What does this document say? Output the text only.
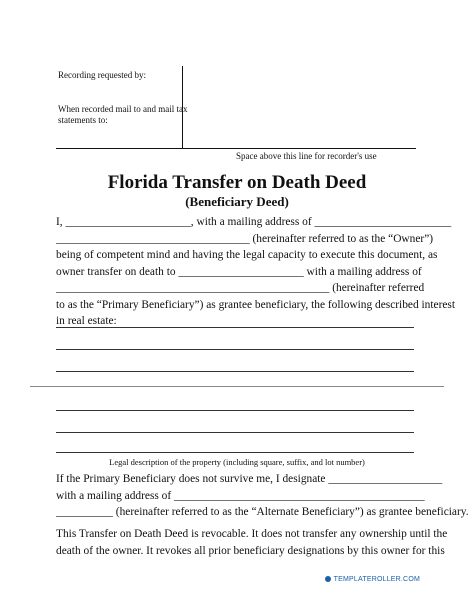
Recording requested by:
When recorded mail to and mail tax
statements to:
Space above this line for recorder's use
Florida Transfer on Death Deed
(Beneficiary Deed)
I, ______________________, with a mailing address of ________________________
__________________________________ (hereinafter referred to as the “Owner”)
being of competent mind and having the legal capacity to execute this document, as
owner transfer on death to ______________________ with a mailing address of
________________________________________________ (hereinafter referred
to as the “Primary Beneficiary”) as grantee beneficiary, the following described interest
in real estate:
Legal description of the property (including square, suffix, and lot number)
If the Primary Beneficiary does not survive me, I designate ____________________
with a mailing address of ____________________________________________
__________ (hereinafter referred to as the “Alternate Beneficiary”) as grantee beneficiary.
This Transfer on Death Deed is revocable. It does not transfer any ownership until the
death of the owner. It revokes all prior beneficiary designations by this owner for this
TEMPLATEROLLER.COM
